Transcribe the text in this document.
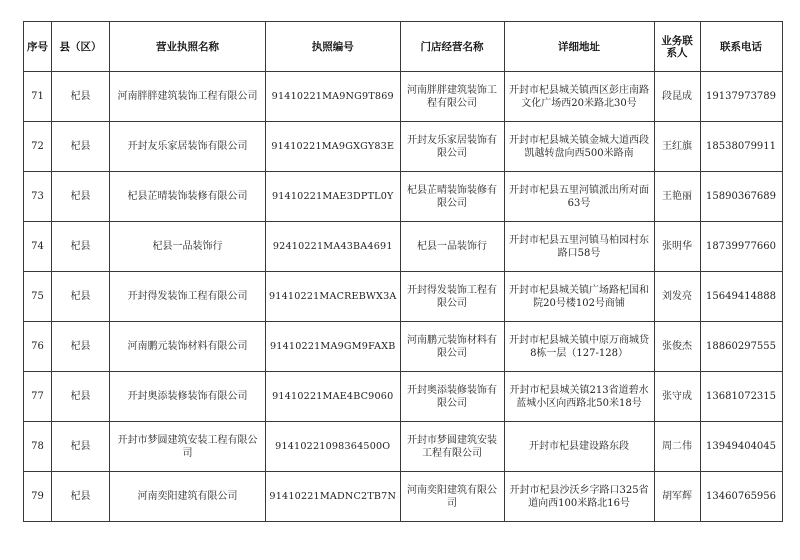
序号	县（区）	营业执照名称	执照编号	门店经营名称	详细地址	业务联系人	联系电话
71	杞县	河南胖胖建筑装饰工程有限公司	91410221MA9NG9T869	河南胖胖建筑装饰工程有限公司	开封市杞县城关镇西区彭庄南路文化广场西20米路北30号	段昆成	19137973789
72	杞县	开封友乐家居装饰有限公司	91410221MA9GXGY83E	开封友乐家居装饰有限公司	开封市杞县城关镇金城大道西段凯越转盘向西500米路南	王红旗	18538079911
73	杞县	杞县芷晴装饰装修有限公司	91410221MAE3DPTL0Y	杞县芷晴装饰装修有限公司	开封市杞县五里河镇派出所对面63号	王艳丽	15890367689
74	杞县	杞县一品装饰行	92410221MA43BA4691	杞县一品装饰行	开封市杞县五里河镇马柏园村东路口58号	张明华	18739977660
75	杞县	开封得发装饰工程有限公司	91410221MACREBWX3A	开封得发装饰工程有限公司	开封市杞县城关镇广场路杞国和院20号楼102号商铺	刘发亮	15649414888
76	杞县	河南鹏元装饰材料有限公司	91410221MA9GM9FAXB	河南鹏元装饰材料有限公司	开封市杞县城关镇中原万商城贷8栋一层（127-128）	张俊杰	18860297555
77	杞县	开封奥添装修装饰有限公司	91410221MAE4BC9060	开封奥添装修装饰有限公司	开封市杞县城关镇213省道碧水蓝城小区向西路北50米18号	张守成	13681072315
78	杞县	开封市梦圆建筑安装工程有限公司	91410221098364500O	开封市梦圆建筑安装工程有限公司	开封市杞县建设路东段	周二伟	13949404045
79	杞县	河南奕阳建筑有限公司	91410221MADNC2TB7N	河南奕阳建筑有限公司	开封市杞县沙沃乡字路口325省道向西100米路北16号	胡军辉	13460765956
